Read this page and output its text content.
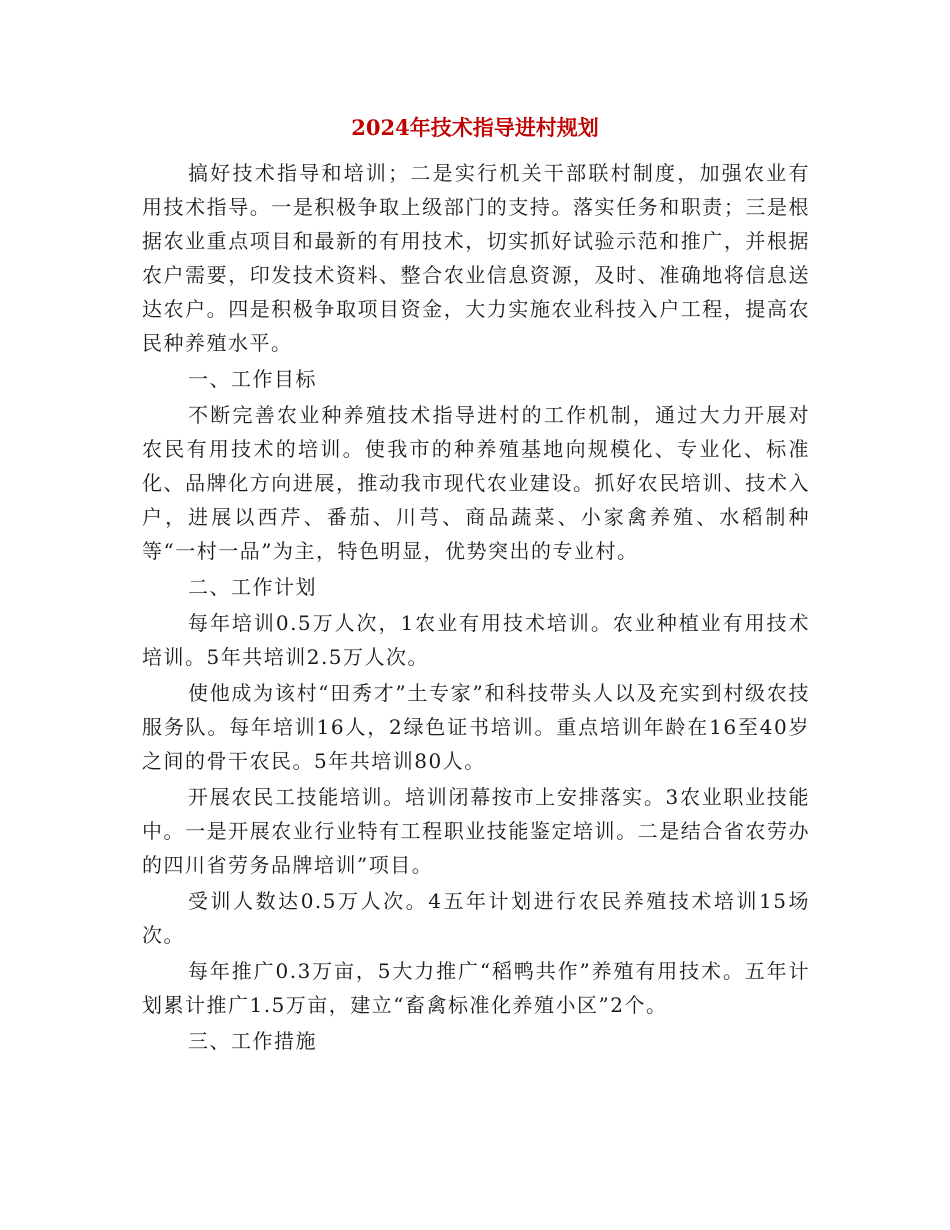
2024年技术指导进村规划

搞好技术指导和培训；二是实行机关干部联村制度，加强农业有用技术指导。一是积极争取上级部门的支持。落实任务和职责；三是根据农业重点项目和最新的有用技术，切实抓好试验示范和推广，并根据农户需要，印发技术资料、整合农业信息资源，及时、准确地将信息送达农户。四是积极争取项目资金，大力实施农业科技入户工程，提高农民种养殖水平。

一、工作目标

不断完善农业种养殖技术指导进村的工作机制，通过大力开展对农民有用技术的培训。使我市的种养殖基地向规模化、专业化、标准化、品牌化方向进展，推动我市现代农业建设。抓好农民培训、技术入户，进展以西芹、番茄、川芎、商品蔬菜、小家禽养殖、水稻制种等“一村一品”为主，特色明显，优势突出的专业村。

二、工作计划

每年培训0.5万人次，1农业有用技术培训。农业种植业有用技术培训。5年共培训2.5万人次。

使他成为该村“田秀才”土专家”和科技带头人以及充实到村级农技服务队。每年培训16人，2绿色证书培训。重点培训年龄在16至40岁之间的骨干农民。5年共培训80人。

开展农民工技能培训。培训闭幕按市上安排落实。3农业职业技能中。一是开展农业行业特有工程职业技能鉴定培训。二是结合省农劳办的四川省劳务品牌培训”项目。

受训人数达0.5万人次。4五年计划进行农民养殖技术培训15场次。

每年推广0.3万亩，5大力推广“稻鸭共作”养殖有用技术。五年计划累计推广1.5万亩，建立“畜禽标准化养殖小区”2个。

三、工作措施
